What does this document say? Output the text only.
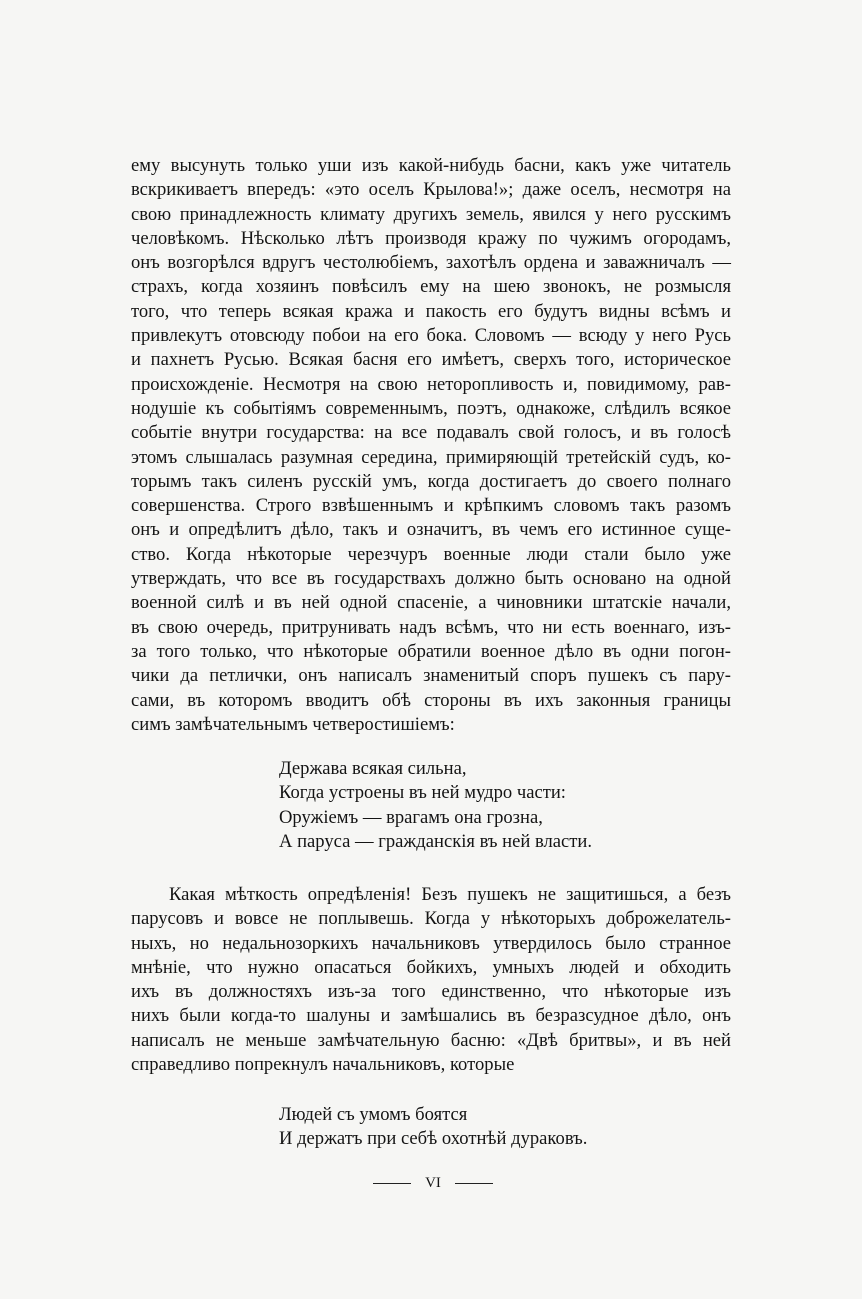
ему высунуть только уши изъ какой-нибудь басни, какъ уже читатель
вскрикиваетъ впередъ: «это оселъ Крылова!»; даже оселъ, несмотря на
свою принадлежность климату другихъ земель, явился у него русскимъ
человѣкомъ. Нѣсколько лѣтъ производя кражу по чужимъ огородамъ,
онъ возгорѣлся вдругъ честолюбіемъ, захотѣлъ ордена и заважничалъ —
страхъ, когда хозяинъ повѣсилъ ему на шею звонокъ, не розмысля
того, что теперь всякая кража и пакость его будутъ видны всѣмъ и
привлекутъ отовсюду побои на его бока. Словомъ — всюду у него Русь
и пахнетъ Русью. Всякая басня его имѣетъ, сверхъ того, историческое
происхожденіе. Несмотря на свою неторопливость и, повидимому, рав-
нодушіе къ событіямъ современнымъ, поэтъ, однакоже, слѣдилъ всякое
событіе внутри государства: на все подавалъ свой голосъ, и въ голосѣ
этомъ слышалась разумная середина, примиряющій третейскій судъ, ко-
торымъ такъ силенъ русскій умъ, когда достигаетъ до своего полнаго
совершенства. Строго взвѣшеннымъ и крѣпкимъ словомъ такъ разомъ
онъ и опредѣлитъ дѣло, такъ и означитъ, въ чемъ его истинное суще-
ство. Когда нѣкоторые черезчуръ военные люди стали было уже
утверждать, что все въ государствахъ должно быть основано на одной
военной силѣ и въ ней одной спасеніе, а чиновники штатскіе начали,
въ свою очередь, притрунивать надъ всѣмъ, что ни есть военнаго, изъ-
за того только, что нѣкоторые обратили военное дѣло въ одни погон-
чики да петлички, онъ написалъ знаменитый споръ пушекъ съ пару-
сами, въ которомъ вводитъ обѣ стороны въ ихъ законныя границы
симъ замѣчательнымъ четверостишіемъ:
Держава всякая сильна,
Когда устроены въ ней мудро части:
Оружіемъ — врагамъ она грозна,
А паруса — гражданскія въ ней власти.
Какая мѣткость опредѣленія! Безъ пушекъ не защитишься, а безъ
парусовъ и вовсе не поплывешь. Когда у нѣкоторыхъ доброжелатель-
ныхъ, но недальнозоркихъ начальниковъ утвердилось было странное
мнѣніе, что нужно опасаться бойкихъ, умныхъ людей и обходить
ихъ въ должностяхъ изъ-за того единственно, что нѣкоторые изъ
нихъ были когда-то шалуны и замѣшались въ безразсудное дѣло, онъ
написалъ не меньше замѣчательную басню: «Двѣ бритвы», и въ ней
справедливо попрекнулъ начальниковъ, которые
Людей съ умомъ боятся
И держатъ при себѣ охотнѣй дураковъ.
VI
